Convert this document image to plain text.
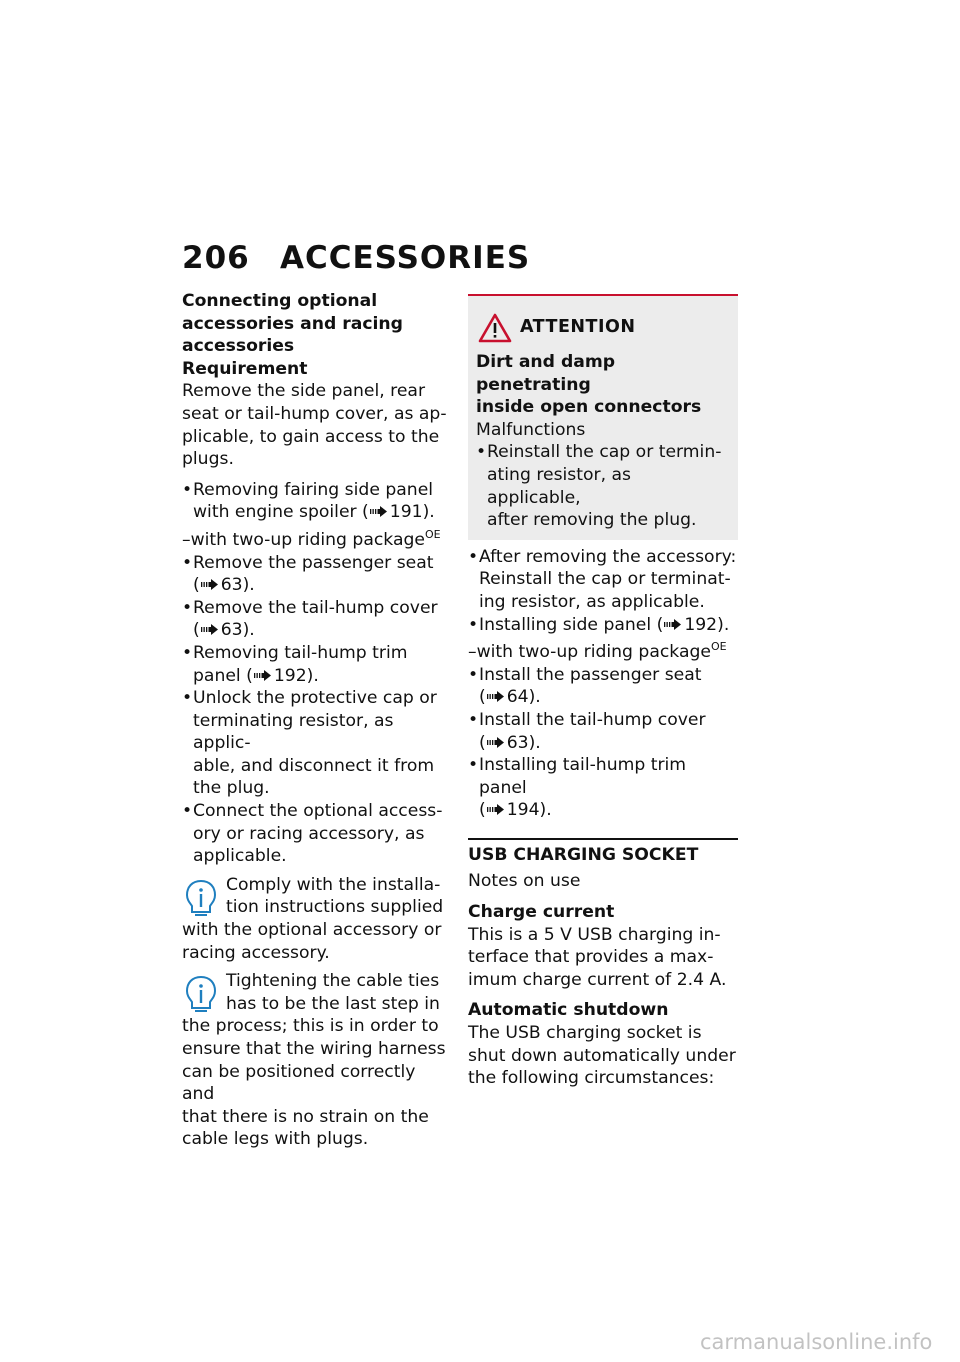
206 ACCESSORIES
Connecting optional
accessories and racing
accessories
Requirement
Remove the side panel, rear
seat or tail-hump cover, as ap-
plicable, to gain access to the
plugs.
• Removing fairing side panel
with engine spoiler ( 191).
–with two-up riding package$^{OE}$
• Remove the passenger seat
( 63).
• Remove the tail-hump cover
( 63).
• Removing tail-hump trim
panel ( 192).
• Unlock the protective cap or
terminating resistor, as applic-
able, and disconnect it from
the plug.
• Connect the optional access-
ory or racing accessory, as
applicable.
Comply with the installa-
tion instructions supplied
with the optional accessory or
racing accessory.
Tightening the cable ties
has to be the last step in
the process; this is in order to
ensure that the wiring harness
can be positioned correctly and
that there is no strain on the
cable legs with plugs.
ATTENTION
Dirt and damp penetrating
inside open connectors
Malfunctions
• Reinstall the cap or termin-
ating resistor, as applicable,
after removing the plug.
• After removing the accessory:
Reinstall the cap or terminat-
ing resistor, as applicable.
• Installing side panel ( 192).
–with two-up riding package$^{OE}$
• Install the passenger seat
( 64).
• Install the tail-hump cover
( 63).
• Installing tail-hump trim panel
( 194).
USB CHARGING SOCKET
Notes on use
Charge current
This is a 5 V USB charging in-
terface that provides a max-
imum charge current of 2.4 A.
Automatic shutdown
The USB charging socket is
shut down automatically under
the following circumstances:
carmanualsonline.info
